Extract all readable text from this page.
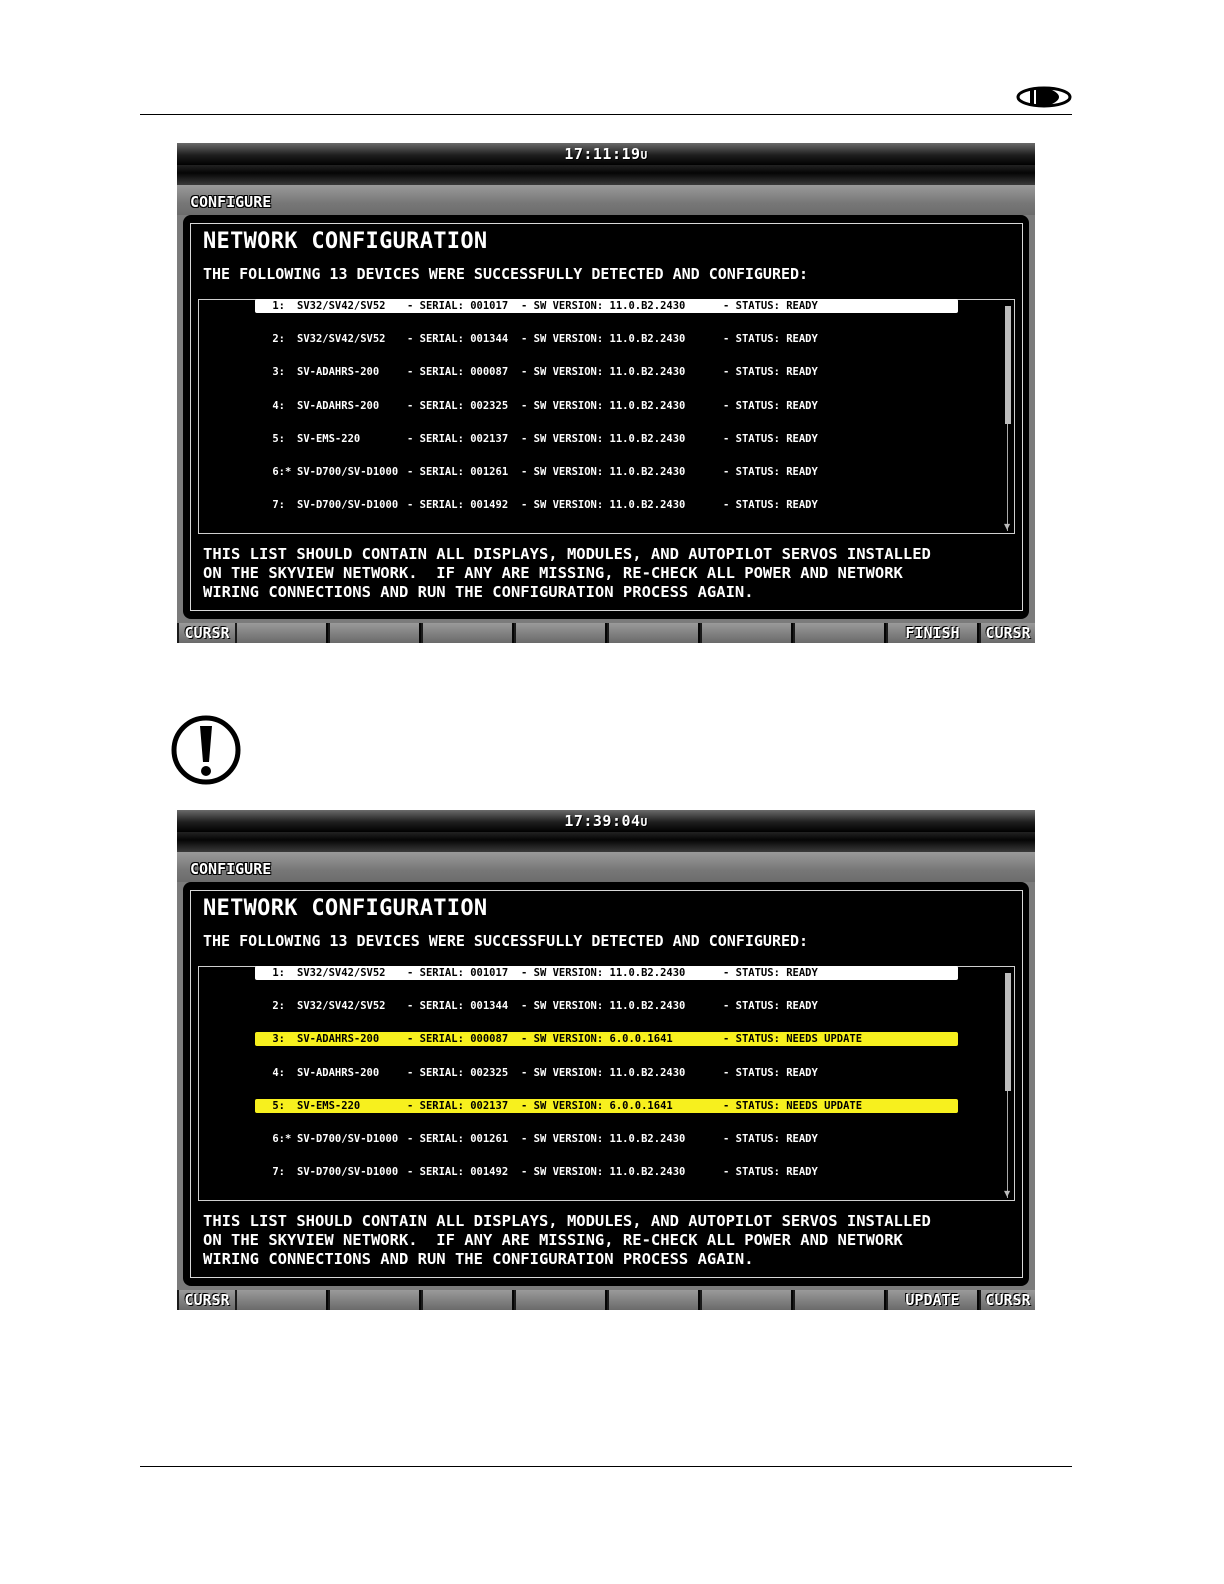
17:11:19U
CONFIGURE
NETWORK CONFIGURATION
THE FOLLOWING 13 DEVICES WERE SUCCESSFULLY DETECTED AND CONFIGURED:
1: SV32/SV42/SV52 - SERIAL: 001017 - SW VERSION: 11.0.B2.2430	- STATUS: READY
2: SV32/SV42/SV52 - SERIAL: 001344 - SW VERSION: 11.0.B2.2430	- STATUS: READY
3: SV-ADAHRS-200	- SERIAL: 000087 - SW VERSION: 11.0.B2.2430	- STATUS: READY
4: SV-ADAHRS-200	- SERIAL: 002325 - SW VERSION: 11.0.B2.2430	- STATUS: READY
5: SV-EMS-220	- SERIAL: 002137 - SW VERSION: 11.0.B2.2430	- STATUS: READY
6: * SV-D700/SV-D1000 - SERIAL: 001261 - SW VERSION: 11.0.B2.2430	- STATUS: READY
7: SV-D700/SV-D1000 - SERIAL: 001492 - SW VERSION: 11.0.B2.2430	- STATUS: READY
▼
THIS LIST SHOULD CONTAIN ALL DISPLAYS, MODULES, AND AUTOPILOT SERVOS INSTALLED
ON THE SKYVIEW NETWORK.  IF ANY ARE MISSING, RE-CHECK ALL POWER AND NETWORK
WIRING CONNECTIONS AND RUN THE CONFIGURATION PROCESS AGAIN.
CURSR	FINISH	CURSR
17:39:04U
CONFIGURE
NETWORK CONFIGURATION
THE FOLLOWING 13 DEVICES WERE SUCCESSFULLY DETECTED AND CONFIGURED:
1: SV32/SV42/SV52 - SERIAL: 001017 - SW VERSION: 11.0.B2.2430	- STATUS: READY
2: SV32/SV42/SV52 - SERIAL: 001344 - SW VERSION: 11.0.B2.2430	- STATUS: READY
3: SV-ADAHRS-200	- SERIAL: 000087 - SW VERSION: 6.0.0.1641	- STATUS: NEEDS UPDATE
4: SV-ADAHRS-200	- SERIAL: 002325 - SW VERSION: 11.0.B2.2430	- STATUS: READY
5: SV-EMS-220	- SERIAL: 002137 - SW VERSION: 6.0.0.1641	- STATUS: NEEDS UPDATE
6: * SV-D700/SV-D1000 - SERIAL: 001261 - SW VERSION: 11.0.B2.2430	- STATUS: READY
7: SV-D700/SV-D1000 - SERIAL: 001492 - SW VERSION: 11.0.B2.2430	- STATUS: READY
▼
THIS LIST SHOULD CONTAIN ALL DISPLAYS, MODULES, AND AUTOPILOT SERVOS INSTALLED
ON THE SKYVIEW NETWORK.  IF ANY ARE MISSING, RE-CHECK ALL POWER AND NETWORK
WIRING CONNECTIONS AND RUN THE CONFIGURATION PROCESS AGAIN.
CURSR	UPDATE	CURSR
